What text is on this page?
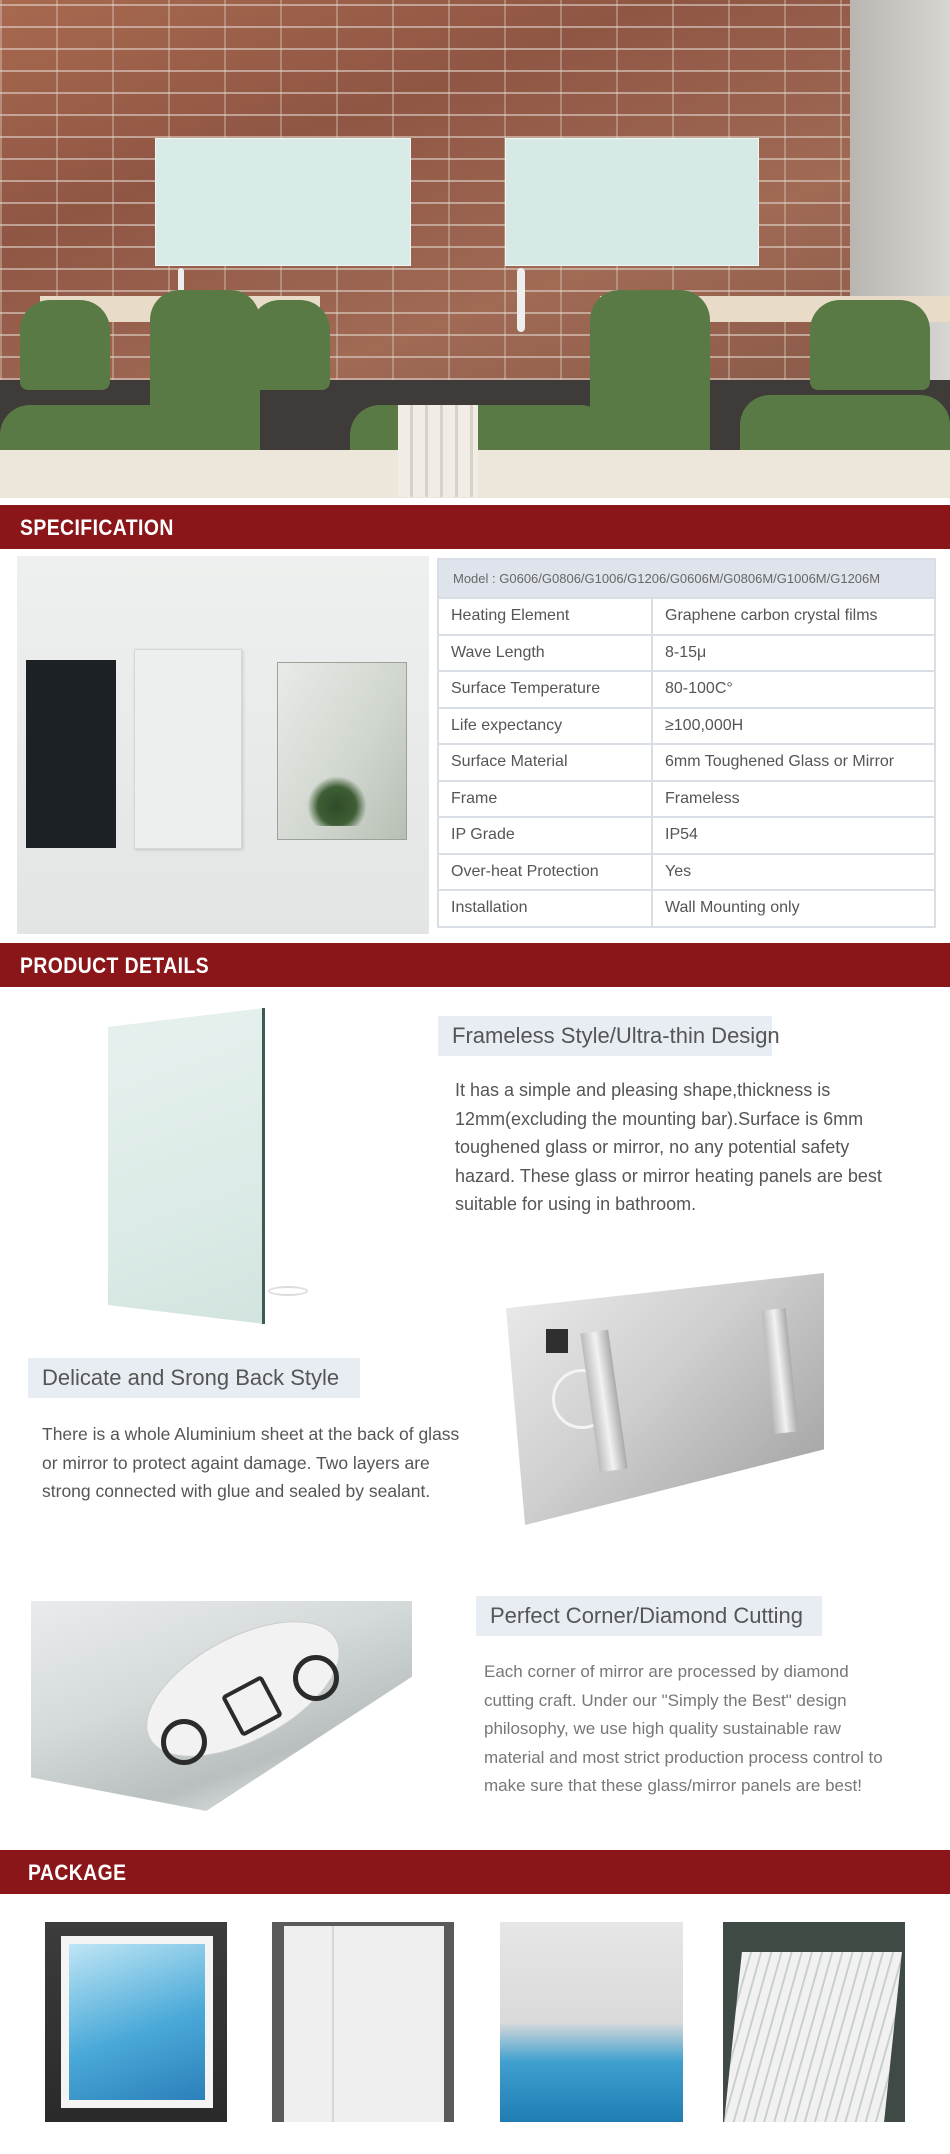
SPECIFICATION
Model : G0606/G0806/G1006/G1206/G0606M/G0806M/G1006M/G1206M	
Heating Element	Graphene carbon crystal films
Wave Length	8-15μ
Surface Temperature	80-100C°
Life expectancy	≥100,000H
Surface Material	6mm Toughened Glass or Mirror
Frame	Frameless
IP Grade	IP54
Over-heat Protection	Yes
Installation	Wall Mounting only
PRODUCT DETAILS
Frameless Style/Ultra-thin Design
It has a simple and pleasing shape,thickness is 12mm(excluding the mounting bar).Surface is 6mm toughened glass or mirror, no any potential safety hazard. These glass or mirror heating panels are best suitable for using in bathroom.
Delicate and Srong Back Style
There is a whole Aluminium sheet at the back of glass or mirror to protect againt damage. Two layers are strong connected with glue and sealed by sealant.
Perfect Corner/Diamond Cutting
Each corner of mirror are processed by diamond cutting craft. Under our "Simply the Best" design philosophy, we use high quality sustainable raw material and most strict production process control to make sure that these glass/mirror panels are best!
PACKAGE
